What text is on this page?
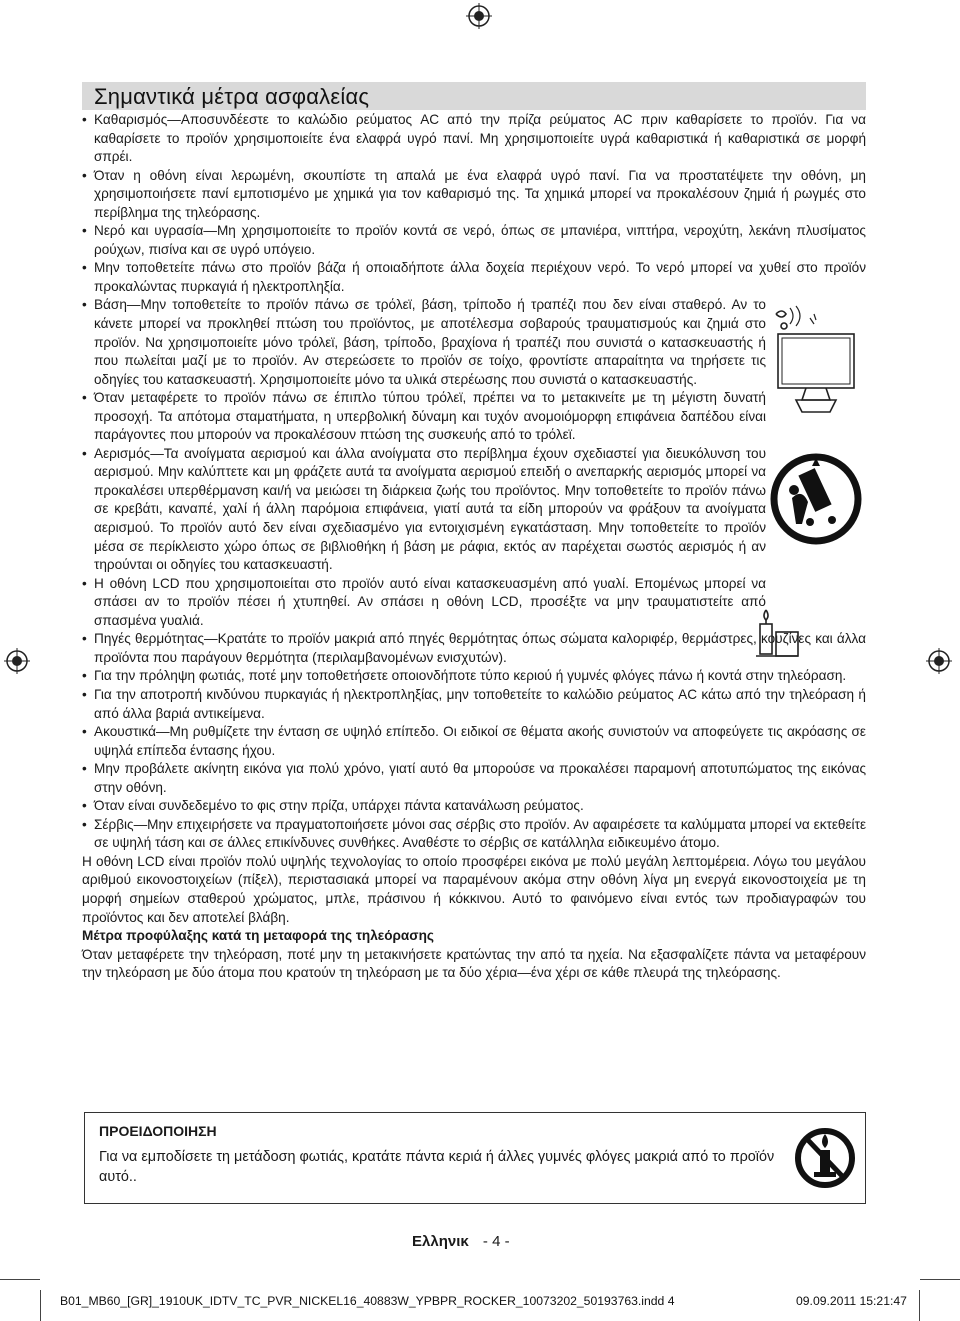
Σημαντικά μέτρα ασφαλείας

• Καθαρισμός—Αποσυνδέεστε το καλώδιο ρεύματος AC από την πρίζα ρεύματος AC πριν καθαρίσετε το προϊόν. Για να καθαρίσετε το προϊόν χρησιμοποιείτε ένα ελαφρά υγρό πανί. Μη χρησιμοποιείτε υγρά καθαριστικά ή καθαριστικά σε μορφή σπρέι.

• Όταν η οθόνη είναι λερωμένη, σκουπίστε τη απαλά με ένα ελαφρά υγρό πανί. Για να προστατέψετε την οθόνη, μη χρησιμοποιήσετε πανί εμποτισμένο με χημικά για τον καθαρισμό της. Τα χημικά μπορεί να προκαλέσουν ζημιά ή ρωγμές στο περίβλημα της τηλεόρασης.

• Νερό και υγρασία—Μη χρησιμοποιείτε το προϊόν κοντά σε νερό, όπως σε μπανιέρα, νιπτήρα, νεροχύτη, λεκάνη πλυσίματος ρούχων, πισίνα και σε υγρό υπόγειο.

• Μην τοποθετείτε πάνω στο προϊόν βάζα ή οποιαδήποτε άλλα δοχεία περιέχουν νερό. Το νερό μπορεί να χυθεί στο προϊόν προκαλώντας πυρκαγιά ή ηλεκτροπληξία.

• Βάση—Μην τοποθετείτε το προϊόν πάνω σε τρόλεϊ, βάση, τρίποδο ή τραπέζι που δεν είναι σταθερό. Αν το κάνετε μπορεί να προκληθεί πτώση του προϊόντος, με αποτέλεσμα σοβαρούς τραυματισμούς και ζημιά στο προϊόν. Να χρησιμοποιείτε μόνο τρόλεϊ, βάση, τρίποδο, βραχίονα ή τραπέζι που συνιστά ο κατασκευαστής ή που πωλείται μαζί με το προϊόν. Αν στερεώσετε το προϊόν σε τοίχο, φροντίστε απαραίτητα να τηρήσετε τις οδηγίες του κατασκευαστή. Χρησιμοποιείτε μόνο τα υλικά στερέωσης που συνιστά ο κατασκευαστής.

• Όταν μεταφέρετε το προϊόν πάνω σε έπιπλο τύπου τρόλεϊ, πρέπει να το μετακινείτε με τη μέγιστη δυνατή προσοχή. Τα απότομα σταματήματα, η υπερβολική δύναμη και τυχόν ανομοιόμορφη επιφάνεια δαπέδου είναι παράγοντες που μπορούν να προκαλέσουν πτώση της συσκευής από το τρόλεϊ.

• Αερισμός—Τα ανοίγματα αερισμού και άλλα ανοίγματα στο περίβλημα έχουν σχεδιαστεί για διευκόλυνση του αερισμού. Μην καλύπτετε και μη φράζετε αυτά τα ανοίγματα αερισμού επειδή ο ανεπαρκής αερισμός μπορεί να προκαλέσει υπερθέρμανση και/ή να μειώσει τη διάρκεια ζωής του προϊόντος. Μην τοποθετείτε το προϊόν πάνω σε κρεβάτι, καναπέ, χαλί ή άλλη παρόμοια επιφάνεια, γιατί αυτά τα είδη μπορούν να φράξουν τα ανοίγματα αερισμού. Το προϊόν αυτό δεν είναι σχεδιασμένο για εντοιχισμένη εγκατάσταση. Μην τοποθετείτε το προϊόν μέσα σε περίκλειστο χώρο όπως σε βιβλιοθήκη ή βάση με ράφια, εκτός αν παρέχεται σωστός αερισμός ή αν τηρούνται οι οδηγίες του κατασκευαστή.

• Η οθόνη LCD που χρησιμοποιείται στο προϊόν αυτό είναι κατασκευασμένη από γυαλί. Επομένως μπορεί να σπάσει αν το προϊόν πέσει ή χτυπηθεί. Αν σπάσει η οθόνη LCD, προσέξτε να μην τραυματιστείτε από σπασμένα γυαλιά.

• Πηγές θερμότητας—Κρατάτε το προϊόν μακριά από πηγές θερμότητας όπως σώματα καλοριφέρ, θερμάστρες, κουζίνες και άλλα προϊόντα που παράγουν θερμότητα (περιλαμβανομένων ενισχυτών).

• Για την πρόληψη φωτιάς, ποτέ μην τοποθετήσετε οποιονδήποτε τύπο κεριού ή γυμνές φλόγες πάνω ή κοντά στην τηλεόραση.

• Για την αποτροπή κινδύνου πυρκαγιάς ή ηλεκτροπληξίας, μην τοποθετείτε το καλώδιο ρεύματος AC κάτω από την τηλεόραση ή από άλλα βαριά αντικείμενα.

• Ακουστικά—Μη ρυθμίζετε την ένταση σε υψηλό επίπεδο. Οι ειδικοί σε θέματα ακοής συνιστούν να αποφεύγετε τις ακρόασης σε υψηλά επίπεδα έντασης ήχου.

• Μην προβάλετε ακίνητη εικόνα για πολύ χρόνο, γιατί αυτό θα μπορούσε να προκαλέσει παραμονή αποτυπώματος της εικόνας στην οθόνη.

• Όταν είναι συνδεδεμένο το φις στην πρίζα, υπάρχει πάντα κατανάλωση ρεύματος.

• Σέρβις—Μην επιχειρήσετε να πραγματοποιήσετε μόνοι σας σέρβις στο προϊόν. Αν αφαιρέσετε τα καλύμματα μπορεί να εκτεθείτε σε υψηλή τάση και σε άλλες επικίνδυνες συνθήκες. Αναθέστε το σέρβις σε κατάλληλα ειδικευμένο άτομο.

Η οθόνη LCD είναι προϊόν πολύ υψηλής τεχνολογίας το οποίο προσφέρει εικόνα με πολύ μεγάλη λεπτομέρεια. Λόγω του μεγάλου αριθμού εικονοστοιχείων (πίξελ), περιστασιακά μπορεί να παραμένουν ακόμα στην οθόνη λίγα μη ενεργά εικονοστοιχεία με τη μορφή σημείων σταθερού χρώματος, μπλε, πράσινου ή κόκκινου. Αυτό το φαινόμενο είναι εντός των προδιαγραφών του προϊόντος και δεν αποτελεί βλάβη.

Μέτρα προφύλαξης κατά τη μεταφορά της τηλεόρασης

Όταν μεταφέρετε την τηλεόραση, ποτέ μην τη μετακινήσετε κρατώντας την από τα ηχεία. Να εξασφαλίζετε πάντα να μεταφέρουν την τηλεόραση με δύο άτομα που κρατούν τη τηλεόραση με τα δύο χέρια—ένα χέρι σε κάθε πλευρά της τηλεόρασης.

ΠΡΟΕΙΔΟΠΟΙΗΣΗ
Για να εμποδίσετε τη μετάδοση φωτιάς, κρατάτε πάντα κεριά ή άλλες γυμνές φλόγες μακριά από το προϊόν αυτό..
Ελληνικ - 4 -
B01_MB60_[GR]_1910UK_IDTV_TC_PVR_NICKEL16_40883W_YPBPR_ROCKER_10073202_50193763.indd 4	09.09.2011 15:21:47
